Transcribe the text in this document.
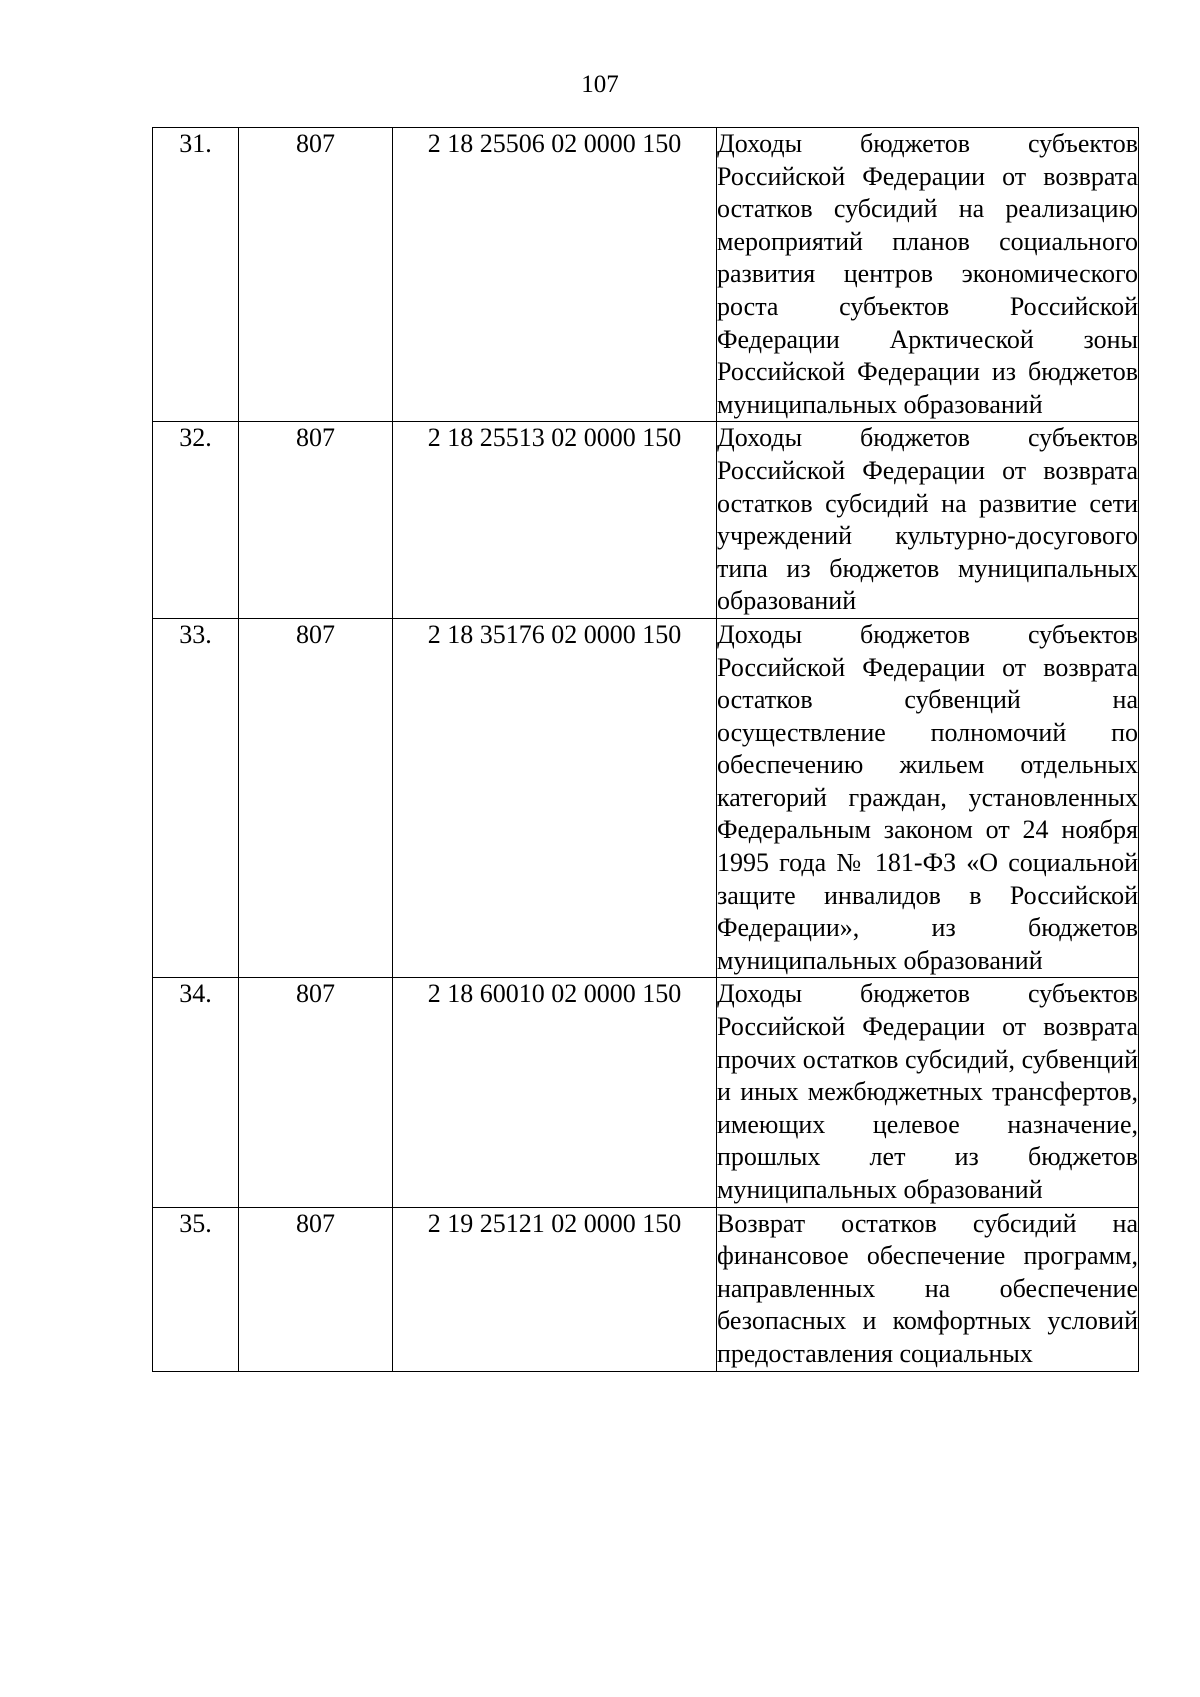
107
31.	807	2 18 25506 02 0000 150	Доходы бюджетов субъектов Российской Федерации от возврата остатков субсидий на реализацию мероприятий планов социального развития центров экономического роста субъектов Российской Федерации Арктической зоны Российской Федерации из бюджетов муниципальных образований
32.	807	2 18 25513 02 0000 150	Доходы бюджетов субъектов Российской Федерации от возврата остатков субсидий на развитие сети учреждений культурно-досугового типа из бюджетов муниципальных образований
33.	807	2 18 35176 02 0000 150	Доходы бюджетов субъектов Российской Федерации от возврата остатков субвенций на осуществление полномочий по обеспечению жильем отдельных категорий граждан, установленных Федеральным законом от 24 ноября 1995 года № 181-ФЗ «О социальной защите инвалидов в Российской Федерации», из бюджетов муниципальных образований
34.	807	2 18 60010 02 0000 150	Доходы бюджетов субъектов Российской Федерации от возврата прочих остатков субсидий, субвенций и иных межбюджетных трансфертов, имеющих целевое назначение, прошлых лет из бюджетов муниципальных образований
35.	807	2 19 25121 02 0000 150	Возврат остатков субсидий на финансовое обеспечение программ, направленных на обеспечение безопасных и комфортных условий предоставления социальных
